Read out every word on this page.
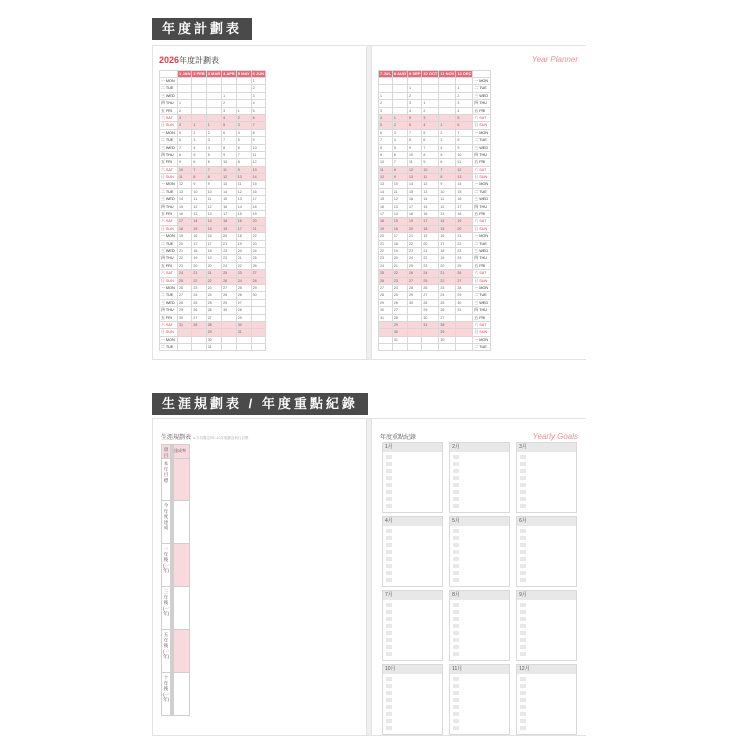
年度計劃表
2026年度計劃表
	1 JAN	2 FEB	3 MAR	4 APR	5 MAY	6 JUN
一 MON						1
二 TUE						2
三 WED				1		3
四 THU	1			2		4
五 FRI	2			3	1	5
六 SAT	3			4	2	6
日 SUN	4	1	1	5	3	7
一 MON	5	2	2	6	4	8
二 TUE	6	3	3	7	5	9
三 WED	7	4	4	8	6	10
四 THU	8	5	5	9	7	11
五 FRI	9	6	6	10	8	12
六 SAT	10	7	7	11	9	13
日 SUN	11	8	8	12	10	14
一 MON	12	9	9	13	11	15
二 TUE	13	10	10	14	12	16
三 WED	14	11	11	15	13	17
四 THU	15	12	12	16	14	18
五 FRI	16	13	13	17	15	19
六 SAT	17	14	14	18	16	20
日 SUN	18	15	15	19	17	21
一 MON	19	16	16	20	18	22
二 TUE	20	17	17	21	19	23
三 WED	21	18	18	22	20	24
四 THU	22	19	19	23	21	25
五 FRI	23	20	20	24	22	26
六 SAT	24	21	21	25	23	27
日 SUN	25	22	22	26	24	28
一 MON	26	23	23	27	25	29
二 TUE	27	24	24	28	26	30
三 WED	28	25	25	29	27	
四 THU	29	26	26	30	28	
五 FRI	30	27	27		29	
六 SAT	31	28	28		30	
日 SUN			29		31	
一 MON			30			
二 TUE			31			
Year Planner
7 JUL	8 AUG	9 SEP	10 OCT	11 NOV	12 DEC	
						一 MON
		1			1	二 TUE
1		2			2	三 WED
2		3	1		3	四 THU
3		4	2		4	五 FRI
4	1	5	3		5	六 SAT
5	2	6	4	1	6	日 SUN
6	3	7	5	2	7	一 MON
7	4	8	6	3	8	二 TUE
8	5	9	7	4	9	三 WED
9	6	10	8	5	10	四 THU
10	7	11	9	6	11	五 FRI
11	8	12	10	7	12	六 SAT
12	9	13	11	8	13	日 SUN
13	10	14	12	9	14	一 MON
14	11	15	13	10	15	二 TUE
15	12	16	14	11	16	三 WED
16	13	17	15	12	17	四 THU
17	14	18	16	13	18	五 FRI
18	15	19	17	14	19	六 SAT
19	16	20	18	15	20	日 SUN
20	17	21	19	16	21	一 MON
21	18	22	20	17	22	二 TUE
22	19	23	21	18	23	三 WED
23	20	24	22	19	24	四 THU
24	21	25	23	20	25	五 FRI
25	22	26	24	21	26	六 SAT
26	23	27	25	22	27	日 SUN
27	24	28	26	23	28	一 MON
28	25	29	27	24	29	二 TUE
29	26	30	28	25	30	三 WED
30	27		29	26	31	四 THU
31	28		30	27		五 FRI
	29		31	28		六 SAT
	30			29		日 SUN
	31			30		一 MON
						二 TUE
生涯規劃表 / 年度重點紀錄
生涯規劃表 ● 年初擬定5年,10年規劃及執行目標
項目				達成率
本年目標				
今年度達成				
一年後(一年)				
三年後(一年)				
五年後(一年)				
十年後(一年)				
年度重點紀錄	Yearly Goals
1月	2月	3月
4月	5月	6月
7月	8月	9月
10月	11月	12月
